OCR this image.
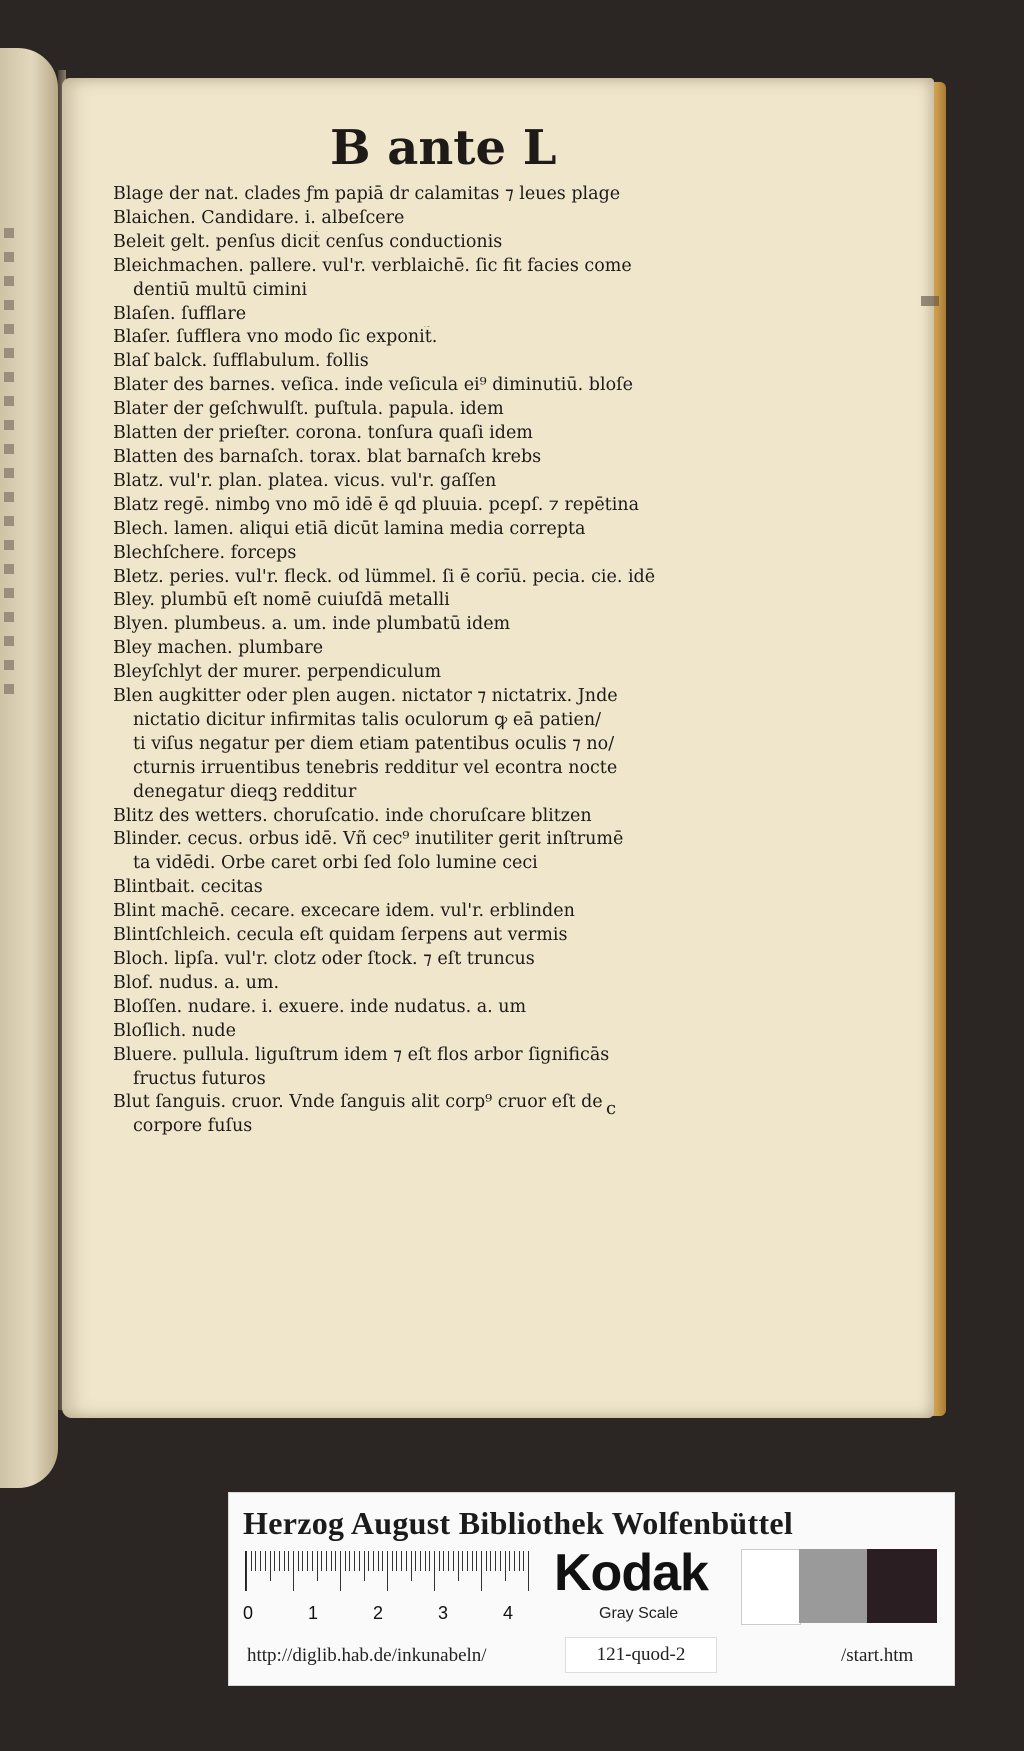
B ante L
Blage der nat. clades ƒm papiā dr calamitas ⁊ leues plage
Blaichen. Candidare. i. albeſcere
Beleit gelt. penſus dicit̃ cenſus conductionis
Bleichmachen. pallere. vul'r. verblaichē. ſic fit facies come
dentiū multū cimini
Blaſen. ſufflare
Blaſer. ſufflera vno modo ſic exponit̃.
Blaſ balck. ſufflabulum. follis
Blater des barnes. veſica. inde veſicula ei⁹ diminutiū. bloſe
Blater der geſchwulſt. puſtula. papula. idem
Blatten der prieſter. corona. tonſura quaſi idem
Blatten des barnaſch. torax. blat barnaſch krebs
Blatz. vul'r. plan. platea. vicus. vul'r. gaſſen
Blatz regē. nimbꝯ vno mō idē ē qd pluuia. pcepſ. ⁊ repētina
Blech. lamen. aliqui etiā dicūt lamina media correpta
Blechſchere. forceps
Bletz. peries. vul'r. fleck. od lümmel. ſi ē corīū. pecia. cie. idē
Bley. plumbū eſt nomē cuiuſdā metalli
Blyen. plumbeus. a. um. inde plumbatū idem
Bley machen. plumbare
Bleyſchlyt der murer. perpendiculum
Blen augkitter oder plen augen. nictator ⁊ nictatrix. Jnde
nictatio dicitur infirmitas talis oculorum ꝙ eā patien/
ti viſus negatur per diem etiam patentibus oculis ⁊ no/
cturnis irruentibus tenebris redditur vel econtra nocte
denegatur dieqꝫ redditur
Blitz des wetters. choruſcatio. inde choruſcare blitzen
Blinder. cecus. orbus idē. Vñ cec⁹ inutiliter gerit inſtrumē
ta vidēdi. Orbe caret orbi ſed ſolo lumine ceci
Blintbait. cecitas
Blint machē. cecare. excecare idem. vul'r. erblinden
Blintſchleich. cecula eſt quidam ſerpens aut vermis
Bloch. lipſa. vul'r. clotz oder ſtock. ⁊ eſt truncus
Blof. nudus. a. um.
Bloſſen. nudare. i. exuere. inde nudatus. a. um
Bloſlich. nude
Bluere. pullula. liguſtrum idem ⁊ eſt flos arbor ſignificās
fructus futuros
Blut ſanguis. cruor. Vnde ſanguis alit corp⁹ cruor eſt de
corpore fuſus
c
Herzog August Bibliothek Wolfenbüttel
0	1	2	3	4
Kodak
Gray Scale
http://diglib.hab.de/inkunabeln/	121-quod-2	/start.htm
